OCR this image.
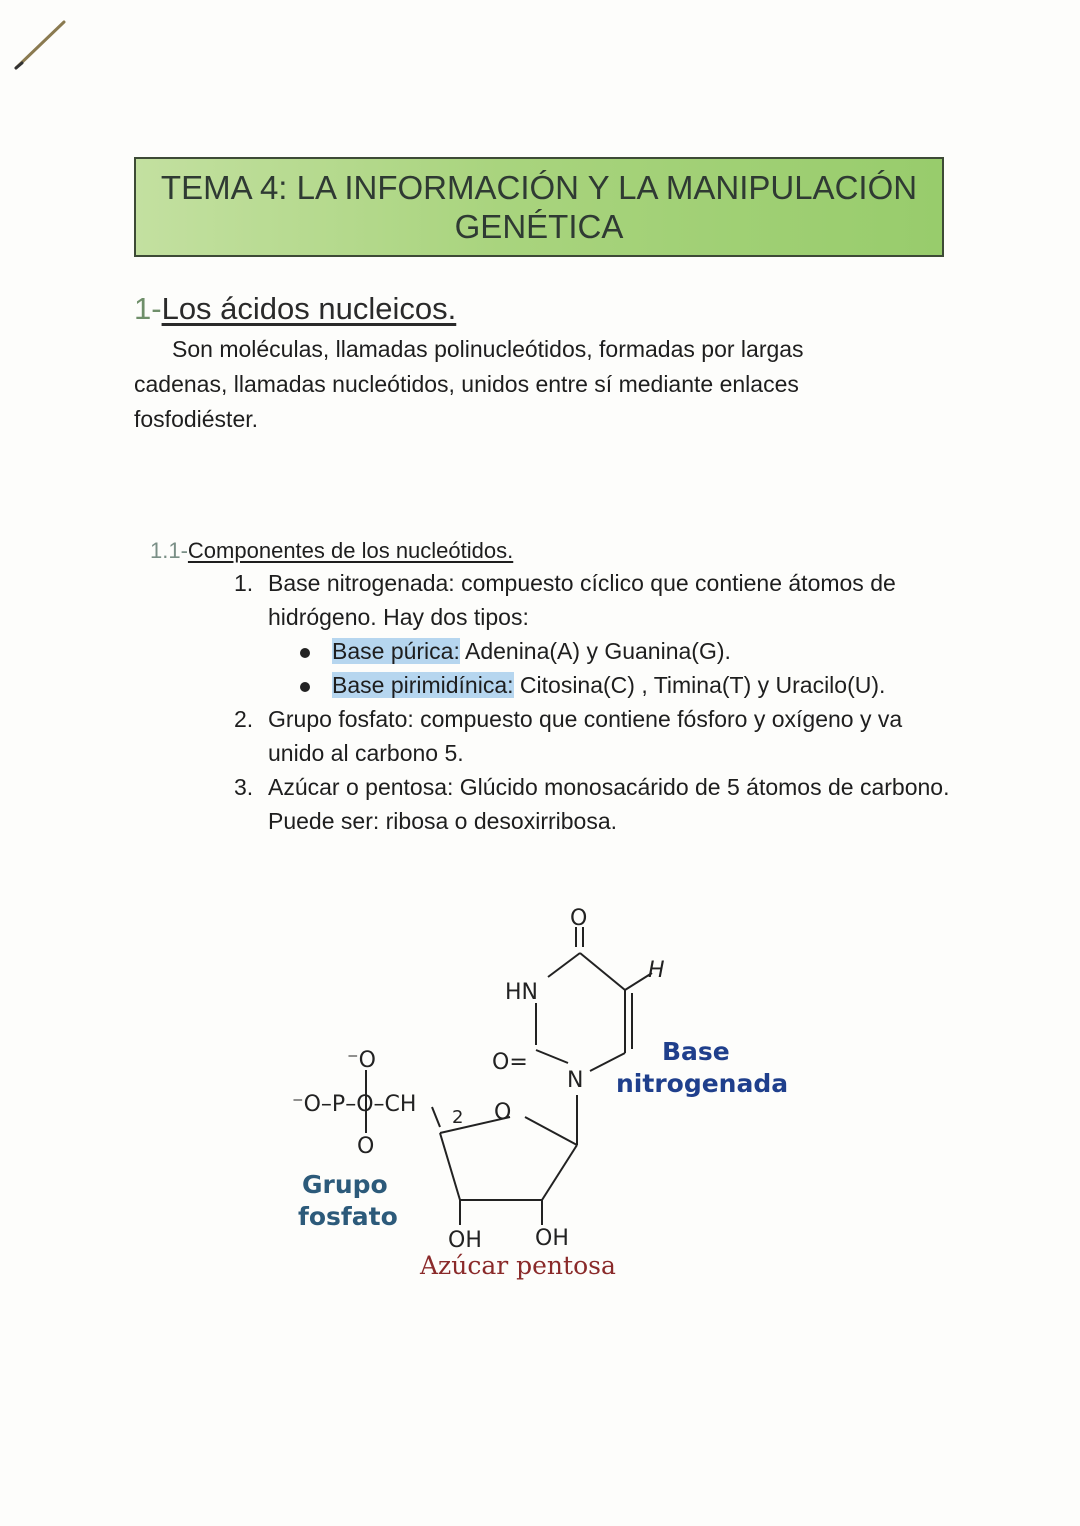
TEMA 4: LA INFORMACIÓN Y LA MANIPULACIÓN
GENÉTICA
1-Los ácidos nucleicos.

Son moléculas, llamadas polinucleótidos, formadas por largas cadenas, llamadas nucleótidos, unidos entre sí mediante enlaces fosfodiéster.

1.1-Componentes de los nucleótidos.
1. Base nitrogenada: compuesto cíclico que contiene átomos de hidrógeno. Hay dos tipos:
Base púrica: Adenina(A) y Guanina(G).
Base pirimidínica: Citosina(C) , Timina(T) y Uracilo(U).
2. Grupo fosfato: compuesto que contiene fósforo y oxígeno y va unido al carbono 5.
3. Azúcar o pentosa: Glúcido monosacárido de 5 átomos de carbono. Puede ser: ribosa o desoxirribosa.
O
H
HN
O=
N
O
⁻O
⁻O–P–O–CH
2
O
OH OH
Base
nitrogenada
Grupo
fosfato
Azúcar pentosa
